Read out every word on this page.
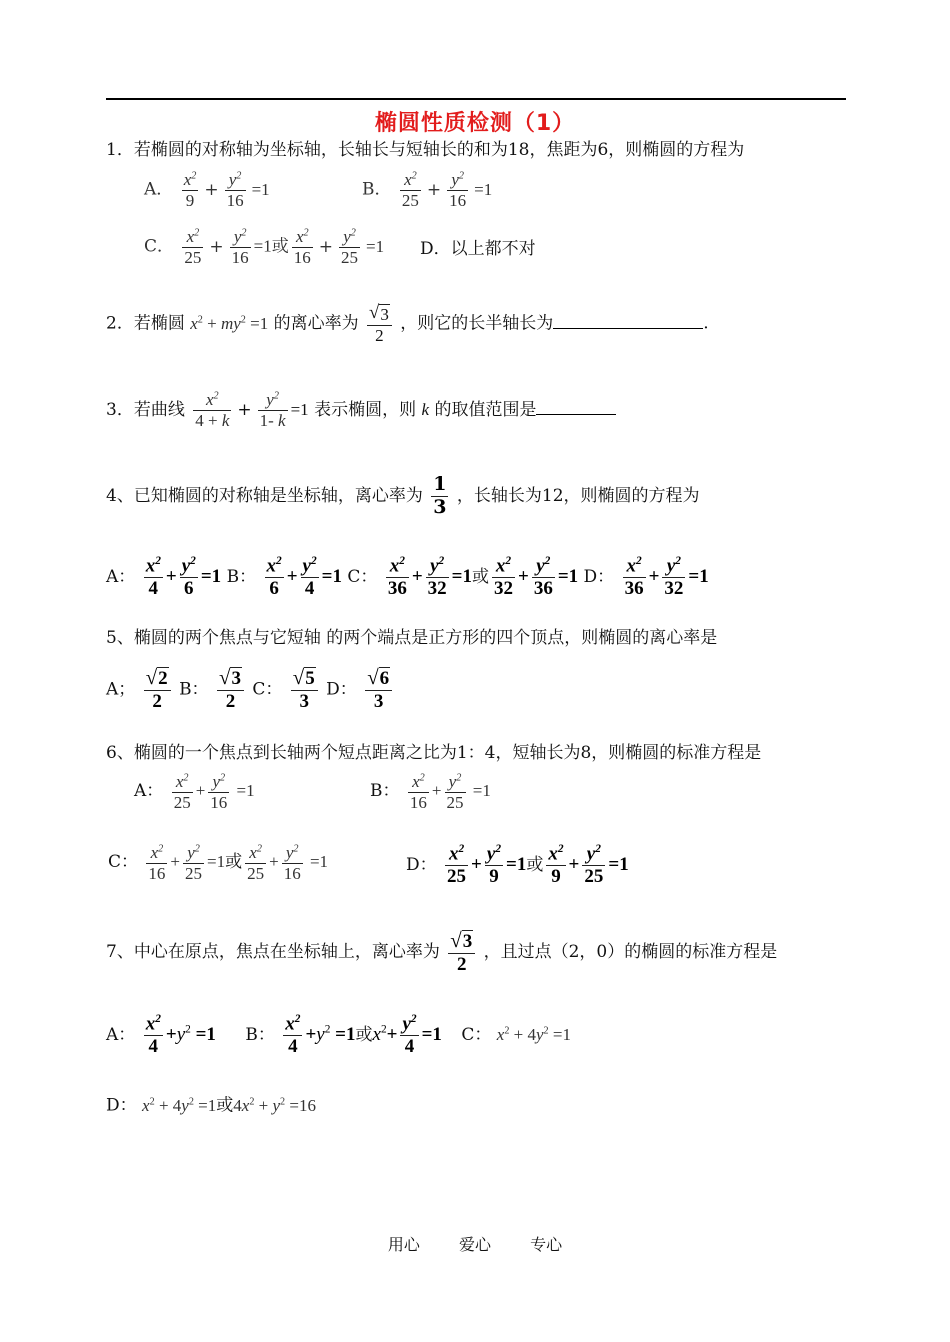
椭圆性质检测（1）
1．若椭圆的对称轴为坐标轴，长轴长与短轴长的和为18，焦距为6，则椭圆的方程为
A． $\frac{x^2}{9} + \frac{y^2}{16} =1$	B． $\frac{x^2}{25} + \frac{y^2}{16} =1$
C． $\frac{x^2}{25} + \frac{y^2}{16} =1$或 $\frac{x^2}{16} + \frac{y^2}{25} =1$ D．以上都不对
2．若椭圆 $x^2 + my^2 =1$ 的离心率为 $\frac{√ 3}{2}$ ，则它的长半轴长为	.
3．若曲线 $\frac{x^2}{4 + k} + \frac{y^2}{1- k} =1$ 表示椭圆，则 k 的取值范围是
4、已知椭圆的对称轴是坐标轴，离心率为 $\frac{1}{3}$ ，长轴长为12，则椭圆的方程为
A： $\frac{x^2}{4} + \frac{y^2}{6} =1$ B： $\frac{x^2}{6} + \frac{y^2}{4} =1$ C： $\frac{x^2}{36} + \frac{y^2}{32} =1$或 $\frac{x^2}{32} + \frac{y^2}{36} =1$ D： $\frac{x^2}{36} + \frac{y^2}{32} =1$
5、椭圆的两个焦点与它短轴 的两个端点是正方形的四个顶点，则椭圆的离心率是
A； $\frac{√ 2}{2}$ B： $\frac{√ 3}{2}$ C： $\frac{√ 5}{3}$ D： $\frac{√ 6}{3}$
6、椭圆的一个焦点到长轴两个短点距离之比为1：4，短轴长为8，则椭圆的标准方程是
A： $\frac{x^2}{25} + \frac{y^2}{16} =1$	B： $\frac{x^2}{16} + \frac{y^2}{25} =1$
C： $\frac{x^2}{16} + \frac{y^2}{25} =1$或 $\frac{x^2}{25} + \frac{y^2}{16} =1$	D： $\frac{x^2}{25} + \frac{y^2}{9} =1$或 $\frac{x^2}{9} + \frac{y^2}{25} =1$
7、中心在原点，焦点在坐标轴上，离心率为 $\frac{√ 3}{2}$ ，且过点（2，0）的椭圆的标准方程是
A： $\frac{x^2}{4} +y^2 =1$ B： $\frac{x^2}{4} +y^2 =1$或$x^2+ \frac{y^2}{4} =1$ C： $x^2 + 4y^2 =1$
D： $x^2 + 4y^2 =1$或$4x^2 + y^2 =16$
用心 爱心 专心
